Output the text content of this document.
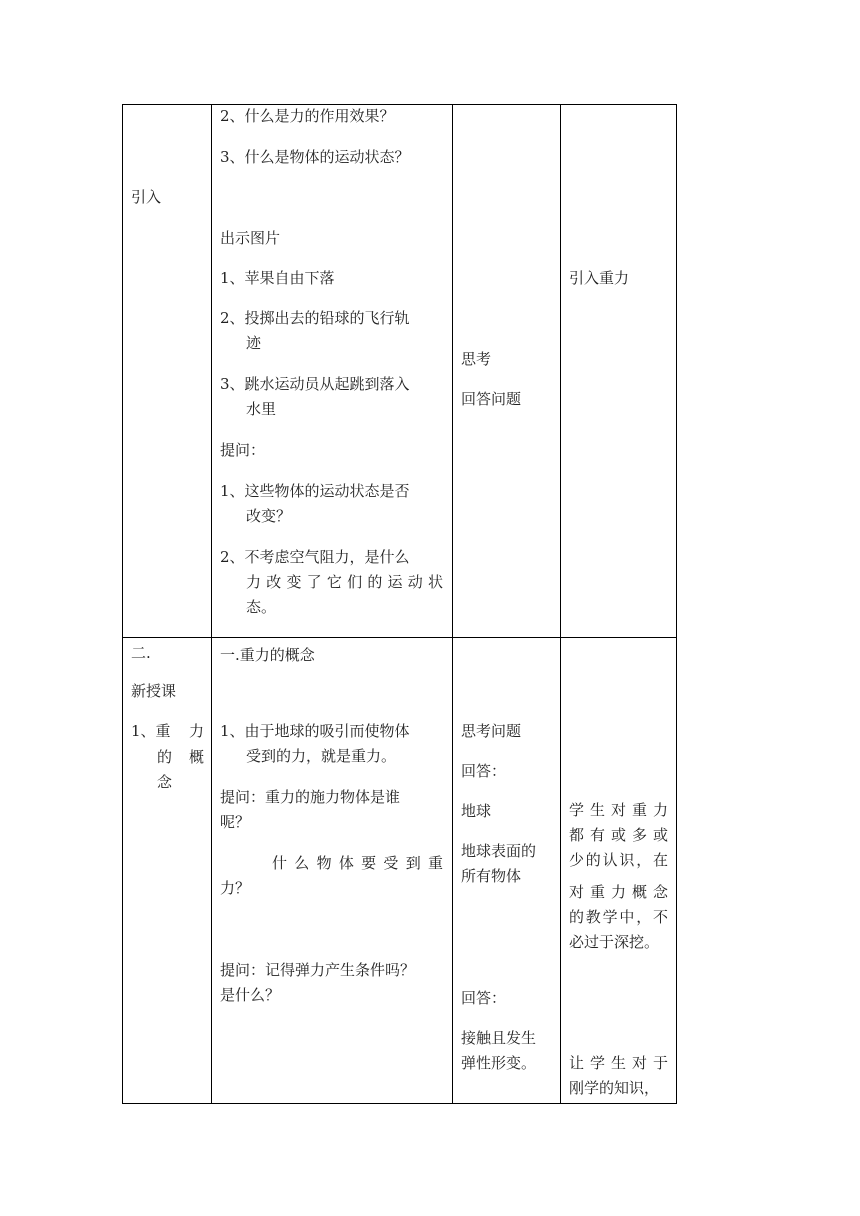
引入
2、什么是力的作用效果？
3、什么是物体的运动状态？
出示图片
1、苹果自由下落
2、投掷出去的铅球的飞行轨
迹
3、跳水运动员从起跳到落入
水里
提问：
1、这些物体的运动状态是否
改变？
2、不考虑空气阻力，是什么
力改变了它们的运动状
态。
思考
回答问题
引入重力
二.
新授课
1、重 力
的 概
念
一.重力的概念
1、由于地球的吸引而使物体
受到的力，就是重力。
提问：重力的施力物体是谁
呢？
什么物体要受到重
力？
提问：记得弹力产生条件吗？
是什么？
思考问题
回答：
地球
地球表面的
所有物体
回答：
接触且发生
弹性形变。
学生对重力
都有或多或
少的认识，在
对重力概念
的教学中，不
必过于深挖。
让学生对于
刚学的知识，
